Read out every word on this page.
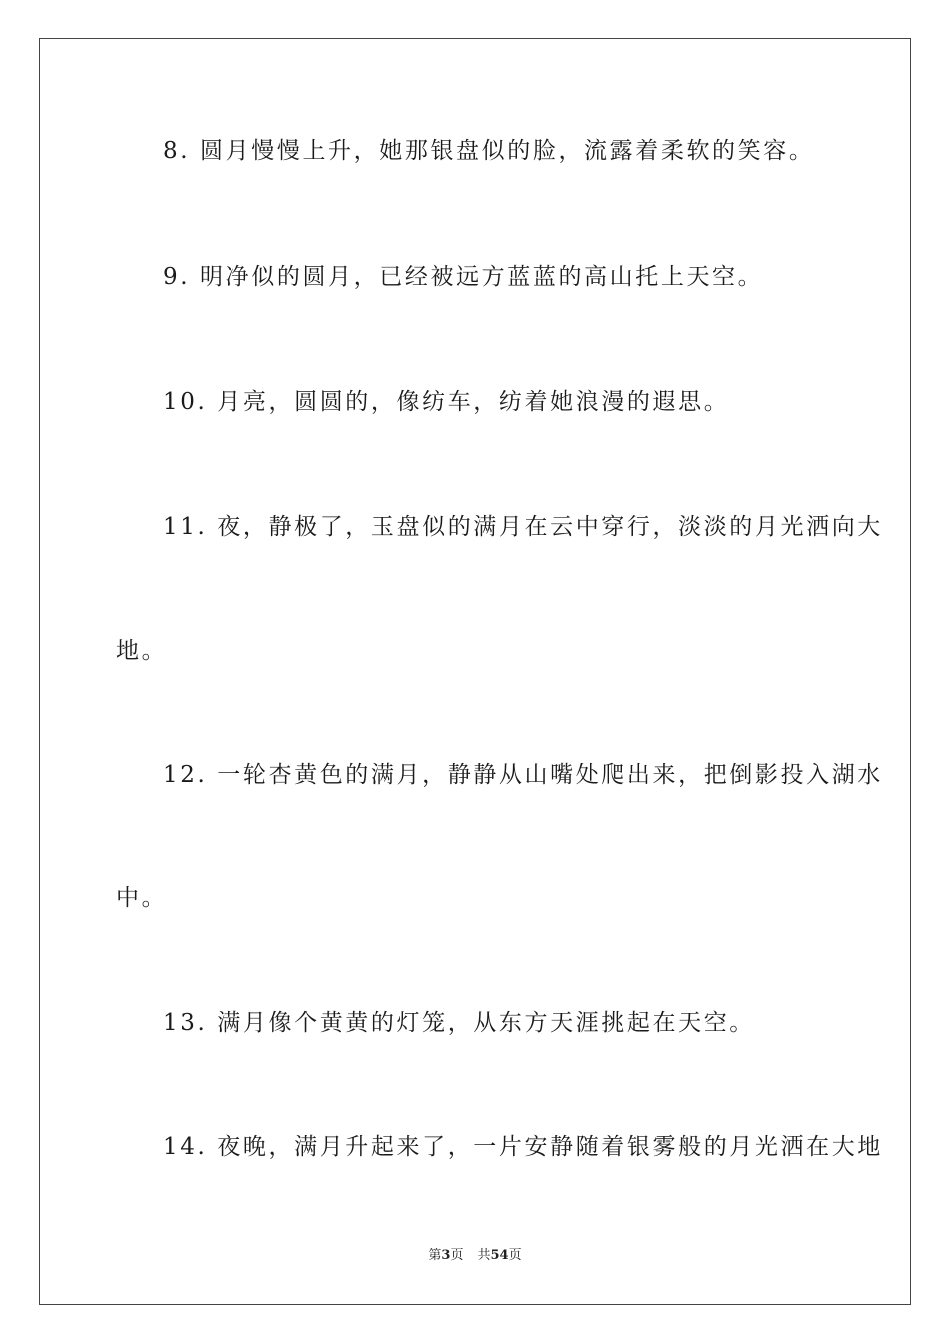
8. 圆月慢慢上升，她那银盘似的脸，流露着柔软的笑容。
9. 明净似的圆月，已经被远方蓝蓝的高山托上天空。
10. 月亮，圆圆的，像纺车，纺着她浪漫的遐思。
11. 夜，静极了，玉盘似的满月在云中穿行，淡淡的月光洒向大
地。
12. 一轮杏黄色的满月，静静从山嘴处爬出来，把倒影投入湖水
中。
13. 满月像个黄黄的灯笼，从东方天涯挑起在天空。
14. 夜晚，满月升起来了，一片安静随着银雾般的月光洒在大地
第3页 共54页
